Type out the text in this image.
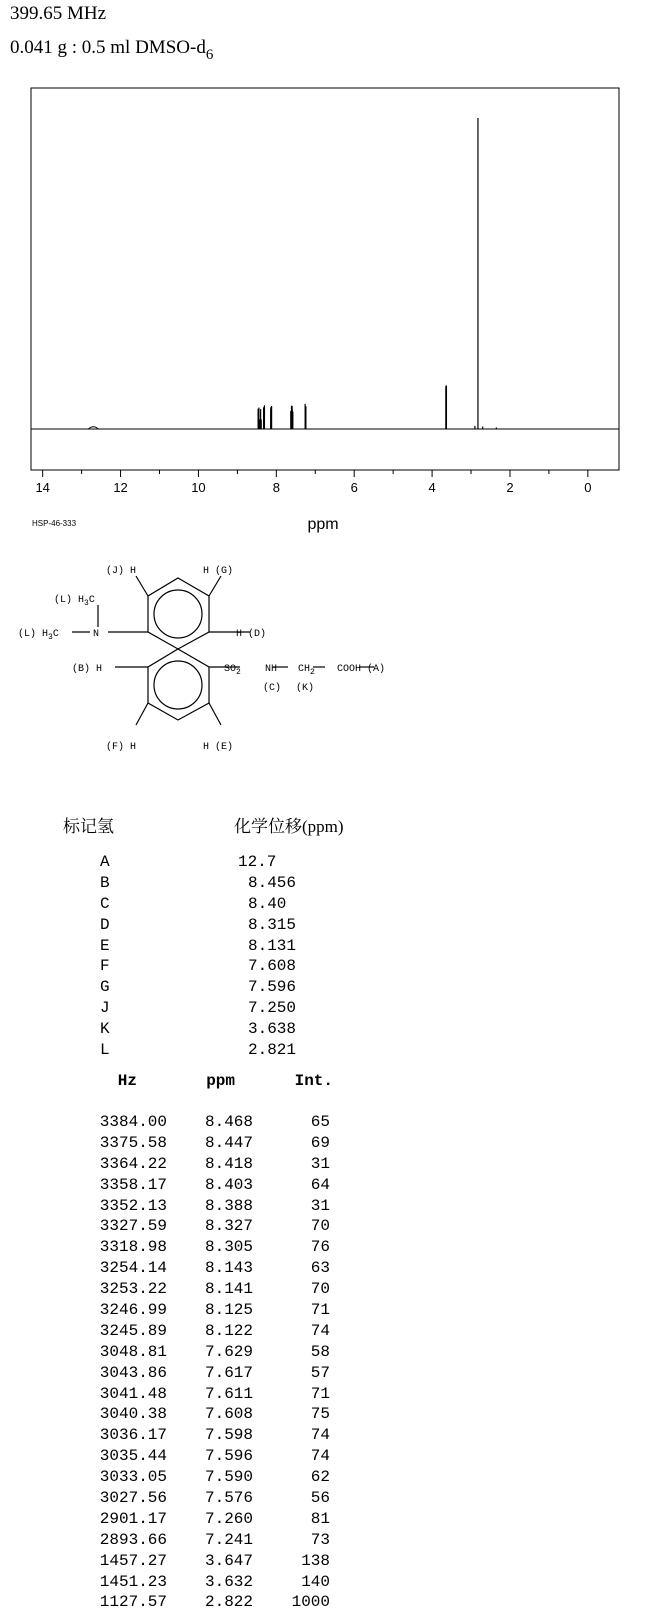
399.65 MHz
0.041 g : 0.5 ml DMSO-$d_6$
14	12	10	8	6	4	2	0
ppm
HSP-46-333
(J) H	H (G)
(L) $H_3C$
(L) $H_3C$	N	H (D)
(B) H	$SO_2$ NH $CH_2$ COOH (A)
(C) (K)
(F) H	H (E)
标记氢	化学位移(ppm)
A	12.7
B	8.456
C	8.40
D	8.315
E	8.131
F	7.608
G	7.596
J	7.250
K	3.638
L	2.821
Hz	ppm	Int.
3384.00 8.468	65
3375.58 8.447	69
3364.22 8.418	31
3358.17 8.403	64
3352.13 8.388	31
3327.59 8.327	70
3318.98 8.305	76
3254.14 8.143	63
3253.22 8.141	70
3246.99 8.125	71
3245.89 8.122	74
3048.81 7.629	58
3043.86 7.617	57
3041.48 7.611	71
3040.38 7.608	75
3036.17 7.598	74
3035.44 7.596	74
3033.05 7.590	62
3027.56 7.576	56
2901.17 7.260	81
2893.66 7.241	73
1457.27 3.647	138
1451.23 3.632	140
1127.57 2.822 1000
